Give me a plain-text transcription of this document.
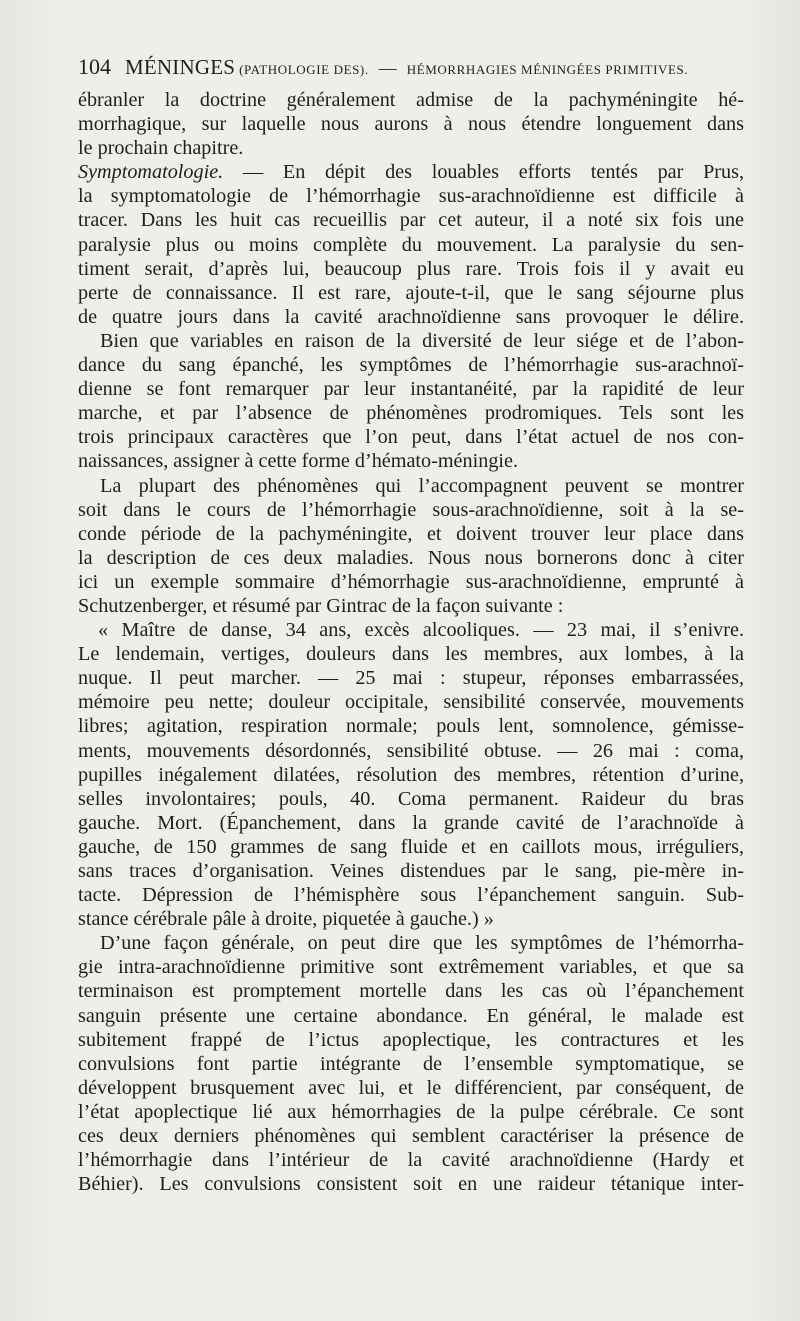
104 MÉNINGES (PATHOLOGIE DES). — HÉMORRHAGIES MÉNINGÉES PRIMITIVES.
ébranler la doctrine généralement admise de la pachyméningite hé-
morrhagique, sur laquelle nous aurons à nous étendre longuement dans
le prochain chapitre.
Symptomatologie. — En dépit des louables efforts tentés par Prus,
la symptomatologie de l’hémorrhagie sus-arachnoïdienne est difficile à
tracer. Dans les huit cas recueillis par cet auteur, il a noté six fois une
paralysie plus ou moins complète du mouvement. La paralysie du sen-
timent serait, d’après lui, beaucoup plus rare. Trois fois il y avait eu
perte de connaissance. Il est rare, ajoute-t-il, que le sang séjourne plus
de quatre jours dans la cavité arachnoïdienne sans provoquer le délire.
Bien que variables en raison de la diversité de leur siége et de l’abon-
dance du sang épanché, les symptômes de l’hémorrhagie sus-arachnoï-
dienne se font remarquer par leur instantanéité, par la rapidité de leur
marche, et par l’absence de phénomènes prodromiques. Tels sont les
trois principaux caractères que l’on peut, dans l’état actuel de nos con-
naissances, assigner à cette forme d’hémato-méningie.
La plupart des phénomènes qui l’accompagnent peuvent se montrer
soit dans le cours de l’hémorrhagie sous-arachnoïdienne, soit à la se-
conde période de la pachyméningite, et doivent trouver leur place dans
la description de ces deux maladies. Nous nous bornerons donc à citer
ici un exemple sommaire d’hémorrhagie sus-arachnoïdienne, emprunté à
Schutzenberger, et résumé par Gintrac de la façon suivante :
« Maître de danse, 34 ans, excès alcooliques. — 23 mai, il s’enivre.
Le lendemain, vertiges, douleurs dans les membres, aux lombes, à la
nuque. Il peut marcher. — 25 mai : stupeur, réponses embarrassées,
mémoire peu nette; douleur occipitale, sensibilité conservée, mouvements
libres; agitation, respiration normale; pouls lent, somnolence, gémisse-
ments, mouvements désordonnés, sensibilité obtuse. — 26 mai : coma,
pupilles inégalement dilatées, résolution des membres, rétention d’urine,
selles involontaires; pouls, 40. Coma permanent. Raideur du bras
gauche. Mort. (Épanchement, dans la grande cavité de l’arachnoïde à
gauche, de 150 grammes de sang fluide et en caillots mous, irréguliers,
sans traces d’organisation. Veines distendues par le sang, pie-mère in-
tacte. Dépression de l’hémisphère sous l’épanchement sanguin. Sub-
stance cérébrale pâle à droite, piquetée à gauche.) »
D’une façon générale, on peut dire que les symptômes de l’hémorrha-
gie intra-arachnoïdienne primitive sont extrêmement variables, et que sa
terminaison est promptement mortelle dans les cas où l’épanchement
sanguin présente une certaine abondance. En général, le malade est
subitement frappé de l’ictus apoplectique, les contractures et les
convulsions font partie intégrante de l’ensemble symptomatique, se
développent brusquement avec lui, et le différencient, par conséquent, de
l’état apoplectique lié aux hémorrhagies de la pulpe cérébrale. Ce sont
ces deux derniers phénomènes qui semblent caractériser la présence de
l’hémorrhagie dans l’intérieur de la cavité arachnoïdienne (Hardy et
Béhier). Les convulsions consistent soit en une raideur tétanique inter-
